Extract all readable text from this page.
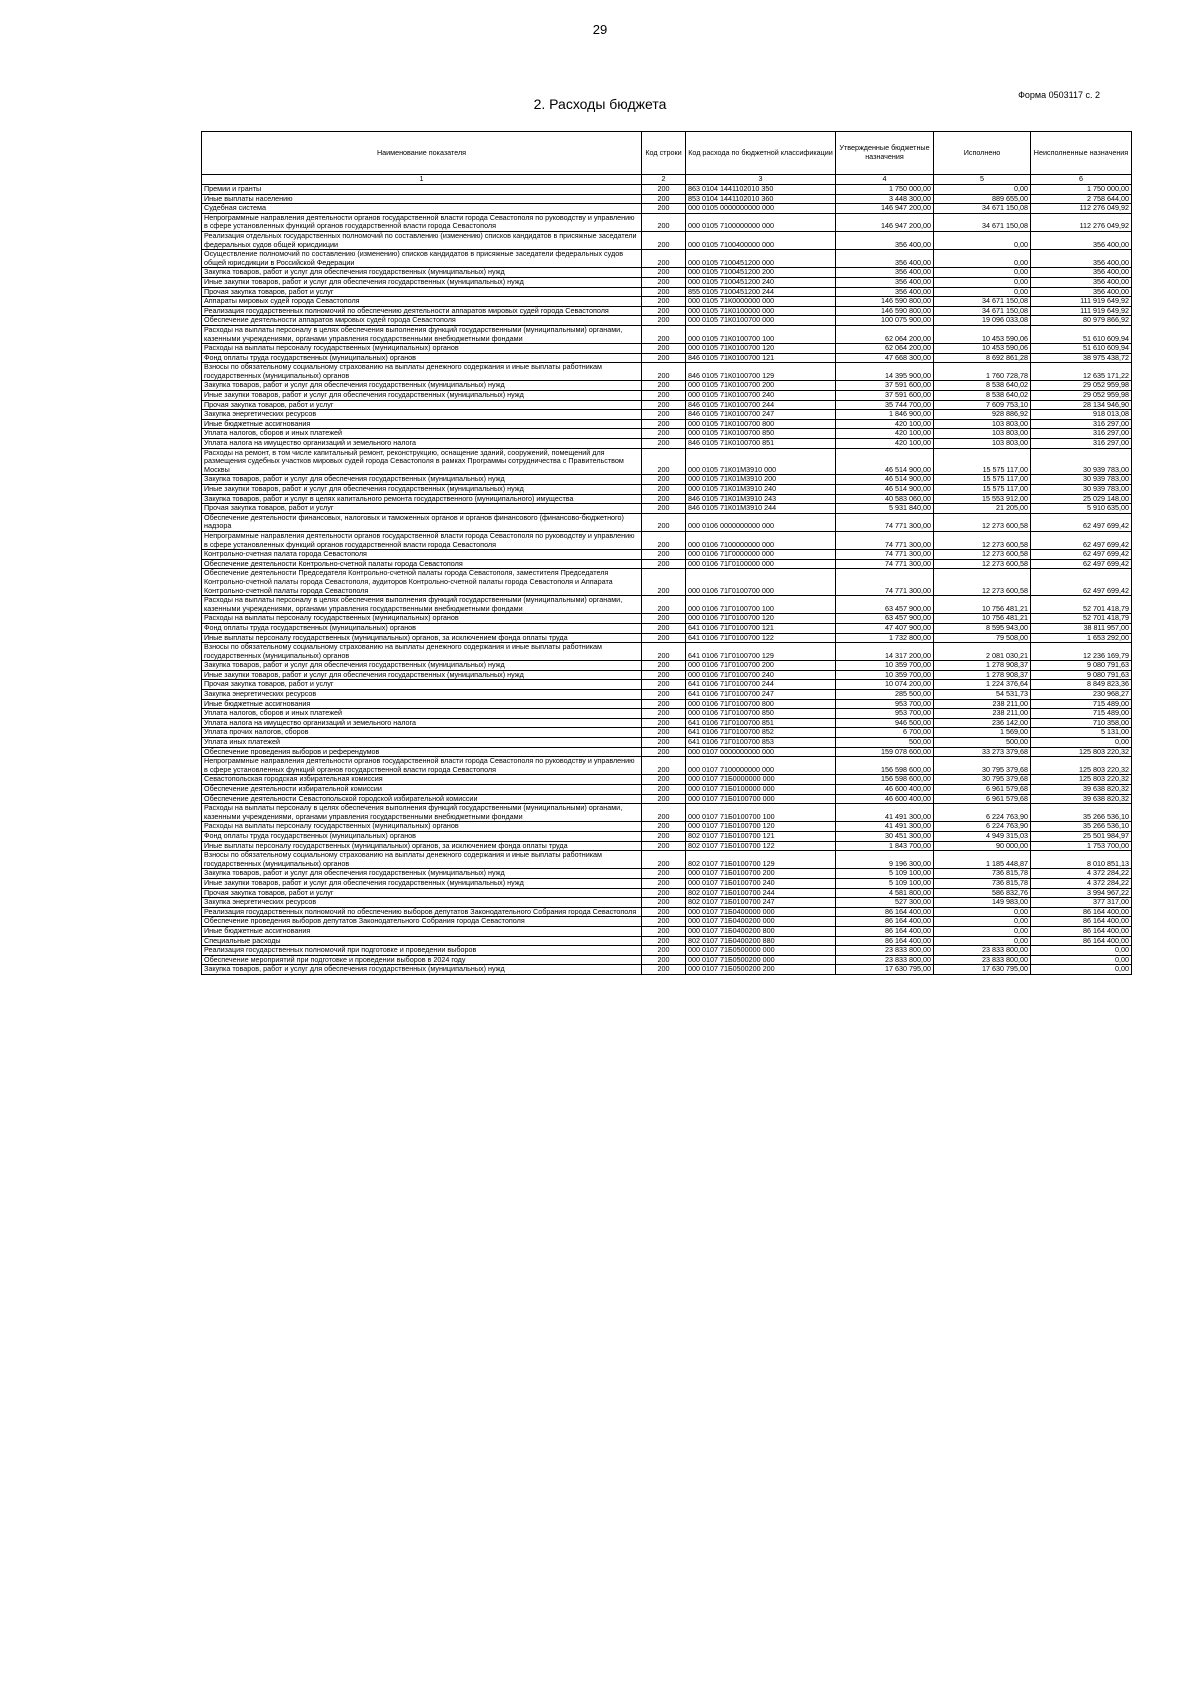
29
Форма 0503117 с. 2
2. Расходы бюджета
Наименование показателя	Код строки	Код расхода по бюджетной классификации	Утвержденные бюджетные назначения	Исполнено	Неисполненные назначения
1	2	3	4	5	6
Премии и гранты	200	863 0104 1441102010 350	1 750 000,00	0,00	1 750 000,00
Иные выплаты населению	200	853 0104 1441102010 360	3 448 300,00	889 655,00	2 758 644,00
Судебная система	200	000 0105 0000000000 000	146 947 200,00	34 671 150,08	112 276 049,92
Непрограммные направления деятельности органов государственной власти города Севастополя по руководству и управлению в сфере установленных функций органов государственной власти города Севастополя	200	000 0105 7100000000 000	146 947 200,00	34 671 150,08	112 276 049,92
Реализация отдельных государственных полномочий по составлению (изменению) списков кандидатов в присяжные заседатели федеральных судов общей юрисдикции	200	000 0105 7100400000 000	356 400,00	0,00	356 400,00
Осуществление полномочий по составлению (изменению) списков кандидатов в присяжные заседатели федеральных судов общей юрисдикции в Российской Федерации	200	000 0105 7100451200 000	356 400,00	0,00	356 400,00
Закупка товаров, работ и услуг для обеспечения государственных (муниципальных) нужд	200	000 0105 7100451200 200	356 400,00	0,00	356 400,00
Иные закупки товаров, работ и услуг для обеспечения государственных (муниципальных) нужд	200	000 0105 7100451200 240	356 400,00	0,00	356 400,00
Прочая закупка товаров, работ и услуг	200	855 0105 7100451200 244	356 400,00	0,00	356 400,00
Аппараты мировых судей города Севастополя	200	000 0105 71К0000000 000	146 590 800,00	34 671 150,08	111 919 649,92
Реализация государственных полномочий по обеспечению деятельности аппаратов мировых судей города Севастополя	200	000 0105 71К0100000 000	146 590 800,00	34 671 150,08	111 919 649,92
Обеспечение деятельности аппаратов мировых судей города Севастополя	200	000 0105 71К0100700 000	100 075 900,00	19 096 033,08	80 979 866,92
Расходы на выплаты персоналу в целях обеспечения выполнения функций государственными (муниципальными) органами, казенными учреждениями, органами управления государственными внебюджетными фондами	200	000 0105 71К0100700 100	62 064 200,00	10 453 590,06	51 610 609,94
Расходы на выплаты персоналу государственных (муниципальных) органов	200	000 0105 71К0100700 120	62 064 200,00	10 453 590,06	51 610 609,94
Фонд оплаты труда государственных (муниципальных) органов	200	846 0105 71К0100700 121	47 668 300,00	8 692 861,28	38 975 438,72
Взносы по обязательному социальному страхованию на выплаты денежного содержания и иные выплаты работникам государственных (муниципальных) органов	200	846 0105 71К0100700 129	14 395 900,00	1 760 728,78	12 635 171,22
Закупка товаров, работ и услуг для обеспечения государственных (муниципальных) нужд	200	000 0105 71К0100700 200	37 591 600,00	8 538 640,02	29 052 959,98
Иные закупки товаров, работ и услуг для обеспечения государственных (муниципальных) нужд	200	000 0105 71К0100700 240	37 591 600,00	8 538 640,02	29 052 959,98
Прочая закупка товаров, работ и услуг	200	846 0105 71К0100700 244	35 744 700,00	7 609 753,10	28 134 946,90
Закупка энергетических ресурсов	200	846 0105 71К0100700 247	1 846 900,00	928 886,92	918 013,08
Иные бюджетные ассигнования	200	000 0105 71К0100700 800	420 100,00	103 803,00	316 297,00
Уплата налогов, сборов и иных платежей	200	000 0105 71К0100700 850	420 100,00	103 803,00	316 297,00
Уплата налога на имущество организаций и земельного налога	200	846 0105 71К0100700 851	420 100,00	103 803,00	316 297,00
Расходы на ремонт, в том числе капитальный ремонт, реконструкцию, оснащение зданий, сооружений, помещений для размещения судебных участков мировых судей города Севастополя в рамках Программы сотрудничества с Правительством Москвы	200	000 0105 71К01М3910 000	46 514 900,00	15 575 117,00	30 939 783,00
Закупка товаров, работ и услуг для обеспечения государственных (муниципальных) нужд	200	000 0105 71К01М3910 200	46 514 900,00	15 575 117,00	30 939 783,00
Иные закупки товаров, работ и услуг для обеспечения государственных (муниципальных) нужд	200	000 0105 71К01М3910 240	46 514 900,00	15 575 117,00	30 939 783,00
Закупка товаров, работ и услуг в целях капитального ремонта государственного (муниципального) имущества	200	846 0105 71К01М3910 243	40 583 060,00	15 553 912,00	25 029 148,00
Прочая закупка товаров, работ и услуг	200	846 0105 71К01М3910 244	5 931 840,00	21 205,00	5 910 635,00
Обеспечение деятельности финансовых, налоговых и таможенных органов и органов финансового (финансово-бюджетного) надзора	200	000 0106 0000000000 000	74 771 300,00	12 273 600,58	62 497 699,42
Непрограммные направления деятельности органов государственной власти города Севастополя по руководству и управлению в сфере установленных функций органов государственной власти города Севастополя	200	000 0106 7100000000 000	74 771 300,00	12 273 600,58	62 497 699,42
Контрольно-счетная палата города Севастополя	200	000 0106 71Г0000000 000	74 771 300,00	12 273 600,58	62 497 699,42
Обеспечение деятельности Контрольно-счетной палаты города Севастополя	200	000 0106 71Г0100000 000	74 771 300,00	12 273 600,58	62 497 699,42
Обеспечение деятельности Председателя Контрольно-счетной палаты города Севастополя, заместителя Председателя Контрольно-счетной палаты города Севастополя, аудиторов Контрольно-счетной палаты города Севастополя и Аппарата Контрольно-счетной палаты города Севастополя	200	000 0106 71Г0100700 000	74 771 300,00	12 273 600,58	62 497 699,42
Расходы на выплаты персоналу в целях обеспечения выполнения функций государственными (муниципальными) органами, казенными учреждениями, органами управления государственными внебюджетными фондами	200	000 0106 71Г0100700 100	63 457 900,00	10 756 481,21	52 701 418,79
Расходы на выплаты персоналу государственных (муниципальных) органов	200	000 0106 71Г0100700 120	63 457 900,00	10 756 481,21	52 701 418,79
Фонд оплаты труда государственных (муниципальных) органов	200	641 0106 71Г0100700 121	47 407 900,00	8 595 943,00	38 811 957,00
Иные выплаты персоналу государственных (муниципальных) органов, за исключением фонда оплаты труда	200	641 0106 71Г0100700 122	1 732 800,00	79 508,00	1 653 292,00
Взносы по обязательному социальному страхованию на выплаты денежного содержания и иные выплаты работникам государственных (муниципальных) органов	200	641 0106 71Г0100700 129	14 317 200,00	2 081 030,21	12 236 169,79
Закупка товаров, работ и услуг для обеспечения государственных (муниципальных) нужд	200	000 0106 71Г0100700 200	10 359 700,00	1 278 908,37	9 080 791,63
Иные закупки товаров, работ и услуг для обеспечения государственных (муниципальных) нужд	200	000 0106 71Г0100700 240	10 359 700,00	1 278 908,37	9 080 791,63
Прочая закупка товаров, работ и услуг	200	641 0106 71Г0100700 244	10 074 200,00	1 224 376,64	8 849 823,36
Закупка энергетических ресурсов	200	641 0106 71Г0100700 247	285 500,00	54 531,73	230 968,27
Иные бюджетные ассигнования	200	000 0106 71Г0100700 800	953 700,00	238 211,00	715 489,00
Уплата налогов, сборов и иных платежей	200	000 0106 71Г0100700 850	953 700,00	238 211,00	715 489,00
Уплата налога на имущество организаций и земельного налога	200	641 0106 71Г0100700 851	946 500,00	236 142,00	710 358,00
Уплата прочих налогов, сборов	200	641 0106 71Г0100700 852	6 700,00	1 569,00	5 131,00
Уплата иных платежей	200	641 0106 71Г0100700 853	500,00	500,00	0,00
Обеспечение проведения выборов и референдумов	200	000 0107 0000000000 000	159 078 600,00	33 273 379,68	125 803 220,32
Непрограммные направления деятельности органов государственной власти города Севастополя по руководству и управлению в сфере установленных функций органов государственной власти города Севастополя	200	000 0107 7100000000 000	156 598 600,00	30 795 379,68	125 803 220,32
Севастопольская городская избирательная комиссия	200	000 0107 71Б0000000 000	156 598 600,00	30 795 379,68	125 803 220,32
Обеспечение деятельности избирательной комиссии	200	000 0107 71Б0100000 000	46 600 400,00	6 961 579,68	39 638 820,32
Обеспечение деятельности Севастопольской городской избирательной комиссии	200	000 0107 71Б0100700 000	46 600 400,00	6 961 579,68	39 638 820,32
Расходы на выплаты персоналу в целях обеспечения выполнения функций государственными (муниципальными) органами, казенными учреждениями, органами управления государственными внебюджетными фондами	200	000 0107 71Б0100700 100	41 491 300,00	6 224 763,90	35 266 536,10
Расходы на выплаты персоналу государственных (муниципальных) органов	200	000 0107 71Б0100700 120	41 491 300,00	6 224 763,90	35 266 536,10
Фонд оплаты труда государственных (муниципальных) органов	200	802 0107 71Б0100700 121	30 451 300,00	4 949 315,03	25 501 984,97
Иные выплаты персоналу государственных (муниципальных) органов, за исключением фонда оплаты труда	200	802 0107 71Б0100700 122	1 843 700,00	90 000,00	1 753 700,00
Взносы по обязательному социальному страхованию на выплаты денежного содержания и иные выплаты работникам государственных (муниципальных) органов	200	802 0107 71Б0100700 129	9 196 300,00	1 185 448,87	8 010 851,13
Закупка товаров, работ и услуг для обеспечения государственных (муниципальных) нужд	200	000 0107 71Б0100700 200	5 109 100,00	736 815,78	4 372 284,22
Иные закупки товаров, работ и услуг для обеспечения государственных (муниципальных) нужд	200	000 0107 71Б0100700 240	5 109 100,00	736 815,78	4 372 284,22
Прочая закупка товаров, работ и услуг	200	802 0107 71Б0100700 244	4 581 800,00	586 832,76	3 994 967,22
Закупка энергетических ресурсов	200	802 0107 71Б0100700 247	527 300,00	149 983,00	377 317,00
Реализация государственных полномочий по обеспечению выборов депутатов Законодательного Собрания города Севастополя	200	000 0107 71Б0400000 000	86 164 400,00	0,00	86 164 400,00
Обеспечение проведения выборов депутатов Законодательного Собрания города Севастополя	200	000 0107 71Б0400200 000	86 164 400,00	0,00	86 164 400,00
Иные бюджетные ассигнования	200	000 0107 71Б0400200 800	86 164 400,00	0,00	86 164 400,00
Специальные расходы	200	802 0107 71Б0400200 880	86 164 400,00	0,00	86 164 400,00
Реализация государственных полномочий при подготовке и проведении выборов	200	000 0107 71Б0500000 000	23 833 800,00	23 833 800,00	0,00
Обеспечение мероприятий при подготовке и проведении выборов в 2024 году	200	000 0107 71Б0500200 000	23 833 800,00	23 833 800,00	0,00
Закупка товаров, работ и услуг для обеспечения государственных (муниципальных) нужд	200	000 0107 71Б0500200 200	17 630 795,00	17 630 795,00	0,00
